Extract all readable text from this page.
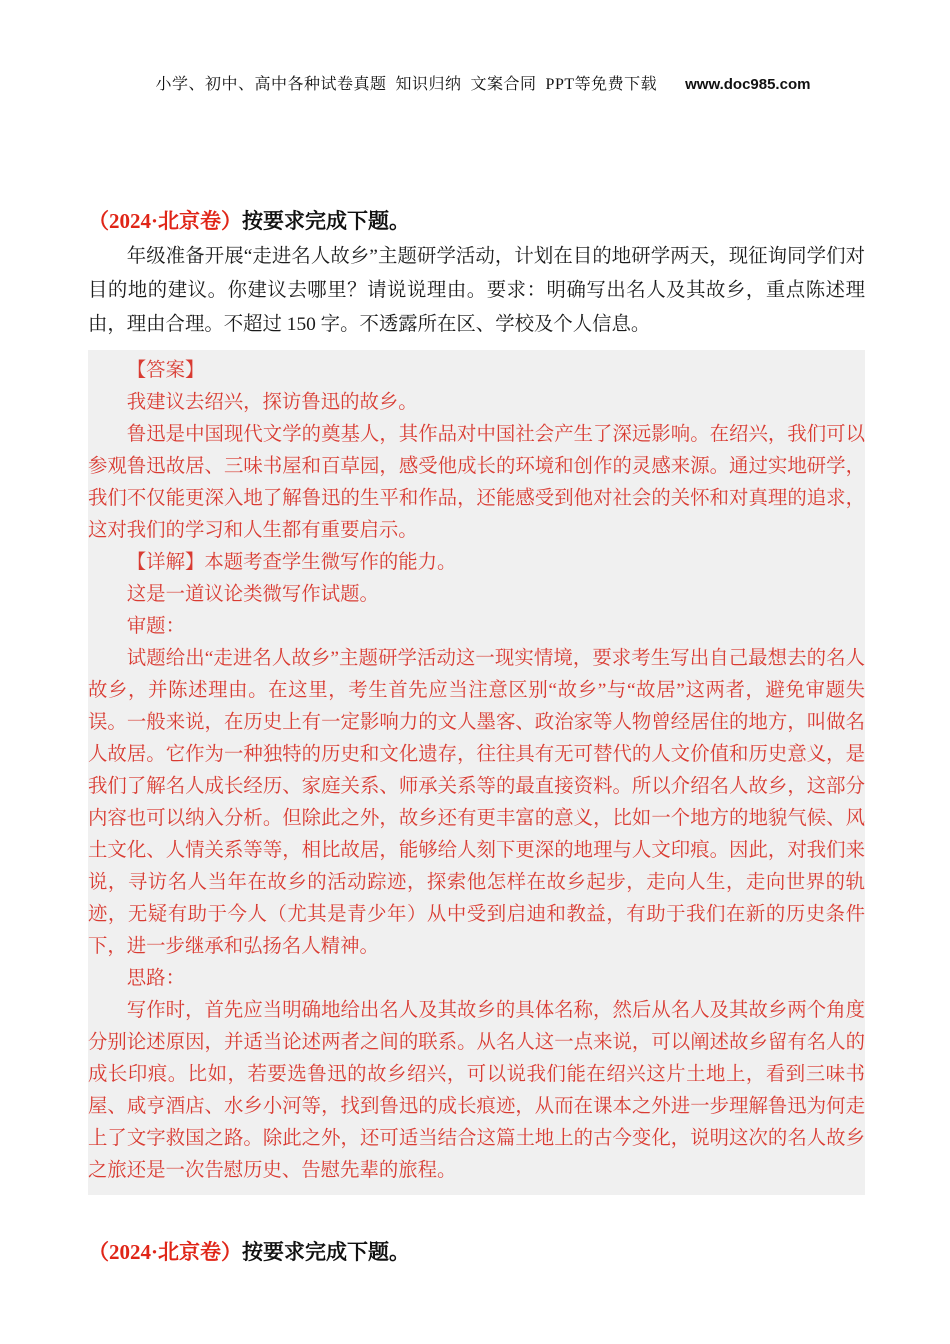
小学、初中、高中各种试卷真题  知识归纳  文案合同  PPT等免费下载 www.doc985.com

（2024·北京卷）按要求完成下题。

年级准备开展“走进名人故乡”主题研学活动，计划在目的地研学两天，现征询同学们对目的地的建议。你建议去哪里？请说说理由。要求：明确写出名人及其故乡，重点陈述理由，理由合理。不超过 150 字。不透露所在区、学校及个人信息。

【答案】

我建议去绍兴，探访鲁迅的故乡。

鲁迅是中国现代文学的奠基人，其作品对中国社会产生了深远影响。在绍兴，我们可以参观鲁迅故居、三味书屋和百草园，感受他成长的环境和创作的灵感来源。通过实地研学，我们不仅能更深入地了解鲁迅的生平和作品，还能感受到他对社会的关怀和对真理的追求，这对我们的学习和人生都有重要启示。

【详解】本题考查学生微写作的能力。

这是一道议论类微写作试题。

审题：

试题给出“走进名人故乡”主题研学活动这一现实情境，要求考生写出自己最想去的名人故乡，并陈述理由。在这里，考生首先应当注意区别“故乡”与“故居”这两者，避免审题失误。一般来说，在历史上有一定影响力的文人墨客、政治家等人物曾经居住的地方，叫做名人故居。它作为一种独特的历史和文化遗存，往往具有无可替代的人文价值和历史意义，是我们了解名人成长经历、家庭关系、师承关系等的最直接资料。所以介绍名人故乡，这部分内容也可以纳入分析。但除此之外，故乡还有更丰富的意义，比如一个地方的地貌气候、风土文化、人情关系等等，相比故居，能够给人刻下更深的地理与人文印痕。因此，对我们来说，寻访名人当年在故乡的活动踪迹，探索他怎样在故乡起步，走向人生，走向世界的轨迹，无疑有助于今人（尤其是青少年）从中受到启迪和教益，有助于我们在新的历史条件下，进一步继承和弘扬名人精神。

思路：

写作时，首先应当明确地给出名人及其故乡的具体名称，然后从名人及其故乡两个角度分别论述原因，并适当论述两者之间的联系。从名人这一点来说，可以阐述故乡留有名人的成长印痕。比如，若要选鲁迅的故乡绍兴，可以说我们能在绍兴这片土地上，看到三味书屋、咸亨酒店、水乡小河等，找到鲁迅的成长痕迹，从而在课本之外进一步理解鲁迅为何走上了文字救国之路。除此之外，还可适当结合这篇土地上的古今变化，说明这次的名人故乡之旅还是一次告慰历史、告慰先辈的旅程。

（2024·北京卷）按要求完成下题。
